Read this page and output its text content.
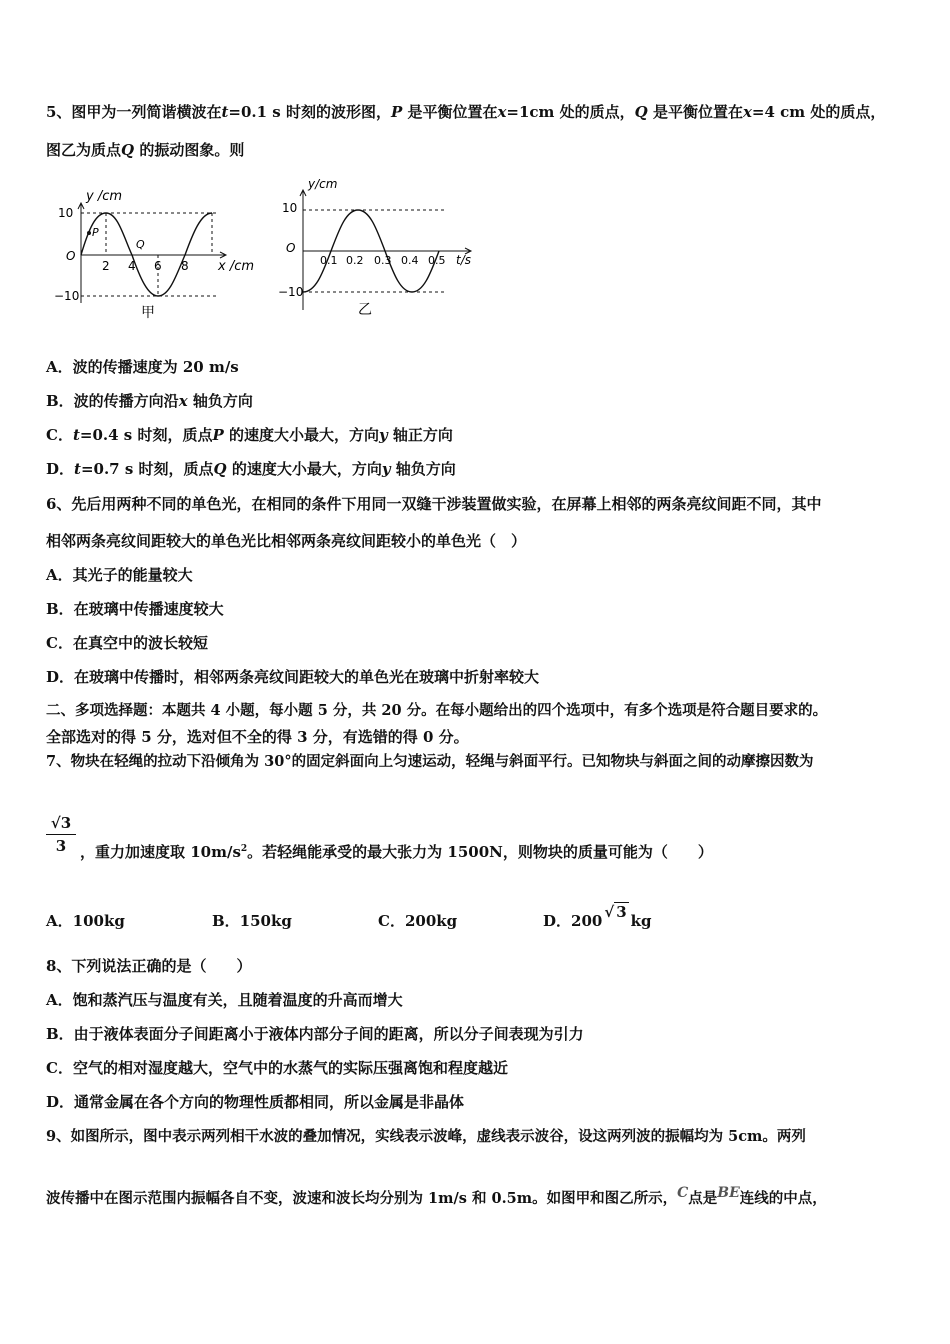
5、图甲为一列简谐横波在t=0.1 s 时刻的波形图，P 是平衡位置在x=1cm 处的质点，Q 是平衡位置在x=4 cm 处的质点，
图乙为质点Q 的振动图象。则
y /cm
10
−10
O
P
Q
2 4 6 8 x /cm
甲
y/cm
10
−10
O
0.1 0.2 0.3 0.4 0.5 t/s
乙
A．波的传播速度为 20 m/s
B．波的传播方向沿x 轴负方向
C．t=0.4 s 时刻，质点P 的速度大小最大，方向y 轴正方向
D．t=0.7 s 时刻，质点Q 的速度大小最大，方向y 轴负方向
6、先后用两种不同的单色光，在相同的条件下用同一双缝干涉装置做实验，在屏幕上相邻的两条亮纹间距不同，其中
相邻两条亮纹间距较大的单色光比相邻两条亮纹间距较小的单色光（　）
A．其光子的能量较大
B．在玻璃中传播速度较大
C．在真空中的波长较短
D．在玻璃中传播时，相邻两条亮纹间距较大的单色光在玻璃中折射率较大
二、多项选择题：本题共 4 小题，每小题 5 分，共 20 分。在每小题给出的四个选项中，有多个选项是符合题目要求的。
全部选对的得 5 分，选对但不全的得 3 分，有选错的得 0 分。
7、物块在轻绳的拉动下沿倾角为 30°的固定斜面向上匀速运动，轻绳与斜面平行。已知物块与斜面之间的动摩擦因数为
$\frac{√3}{3}$ ，重力加速度取 $10m/s^2$。若轻绳能承受的最大张力为 1500N，则物块的质量可能为（　　）
A．100kg	B．150kg	C．200kg	D．200 √ 3 kg
8、下列说法正确的是（　　）
A．饱和蒸汽压与温度有关，且随着温度的升高而增大
B．由于液体表面分子间距离小于液体内部分子间的距离，所以分子间表现为引力
C．空气的相对湿度越大，空气中的水蒸气的实际压强离饱和程度越近
D．通常金属在各个方向的物理性质都相同，所以金属是非晶体
9、如图所示，图中表示两列相干水波的叠加情况，实线表示波峰，虚线表示波谷，设这两列波的振幅均为 5cm。两列
波传播中在图示范围内振幅各自不变，波速和波长均分别为 1m/s 和 0.5m。如图甲和图乙所示，C点是BE连线的中点，
